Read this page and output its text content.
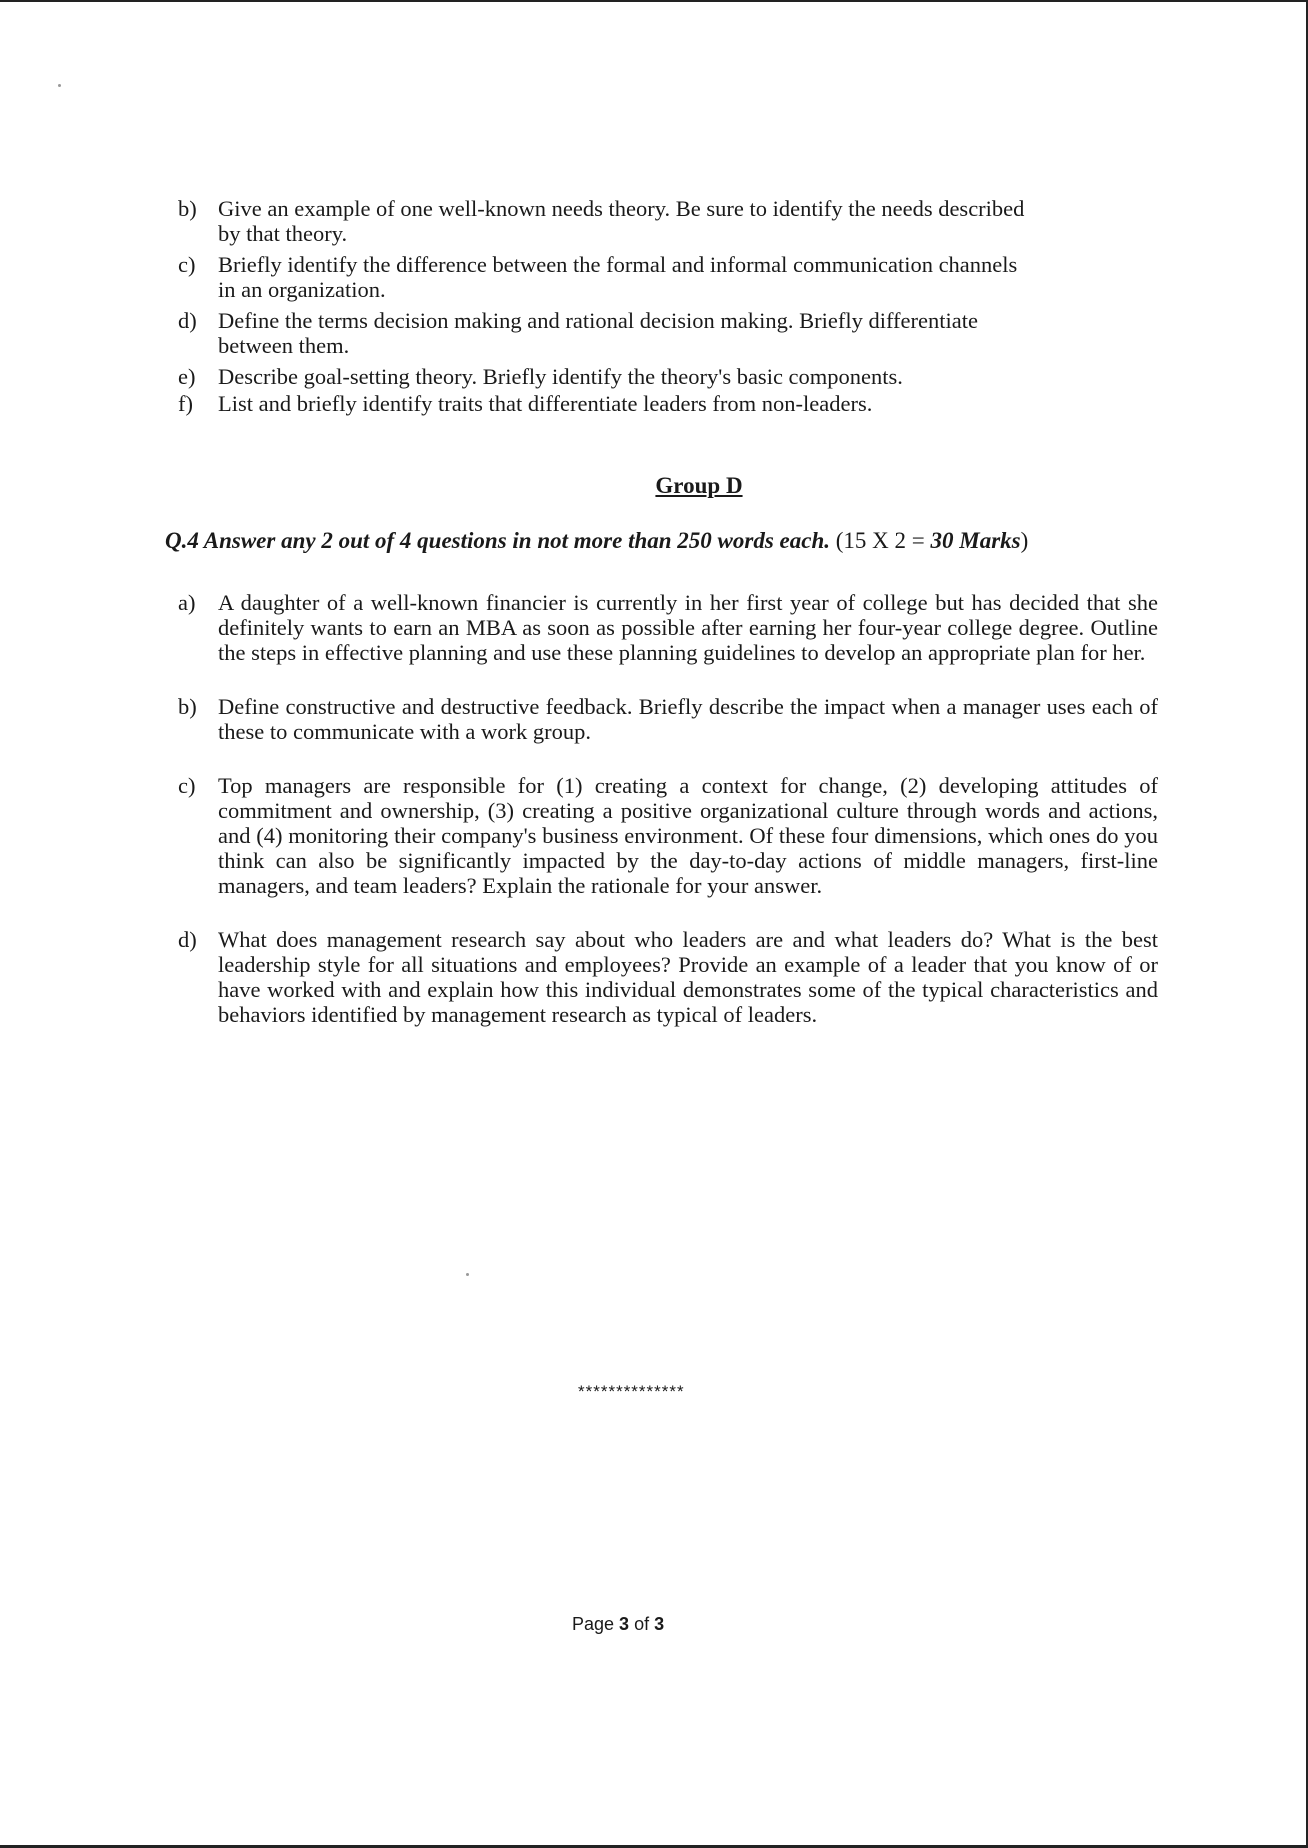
b) Give an example of one well-known needs theory. Be sure to identify the needs described
by that theory.
c) Briefly identify the difference between the formal and informal communication channels
in an organization.
d) Define the terms decision making and rational decision making. Briefly differentiate
between them.
e) Describe goal-setting theory. Briefly identify the theory's basic components.
f) List and briefly identify traits that differentiate leaders from non-leaders.
Group D
Q.4 Answer any 2 out of 4 questions in not more than 250 words each. (15 X 2 = 30 Marks)
a) A daughter of a well-known financier is currently in her first year of college but has decided that she definitely wants to earn an MBA as soon as possible after earning her four-year college degree. Outline the steps in effective planning and use these planning guidelines to develop an appropriate plan for her.
b) Define constructive and destructive feedback. Briefly describe the impact when a manager uses each of these to communicate with a work group.
c) Top managers are responsible for (1) creating a context for change, (2) developing attitudes of commitment and ownership, (3) creating a positive organizational culture through words and actions, and (4) monitoring their company's business environment. Of these four dimensions, which ones do you think can also be significantly impacted by the day-to-day actions of middle managers, first-line managers, and team leaders? Explain the rationale for your answer.
d) What does management research say about who leaders are and what leaders do? What is the best leadership style for all situations and employees? Provide an example of a leader that you know of or have worked with and explain how this individual demonstrates some of the typical characteristics and behaviors identified by management research as typical of leaders.
**************
Page 3 of 3
